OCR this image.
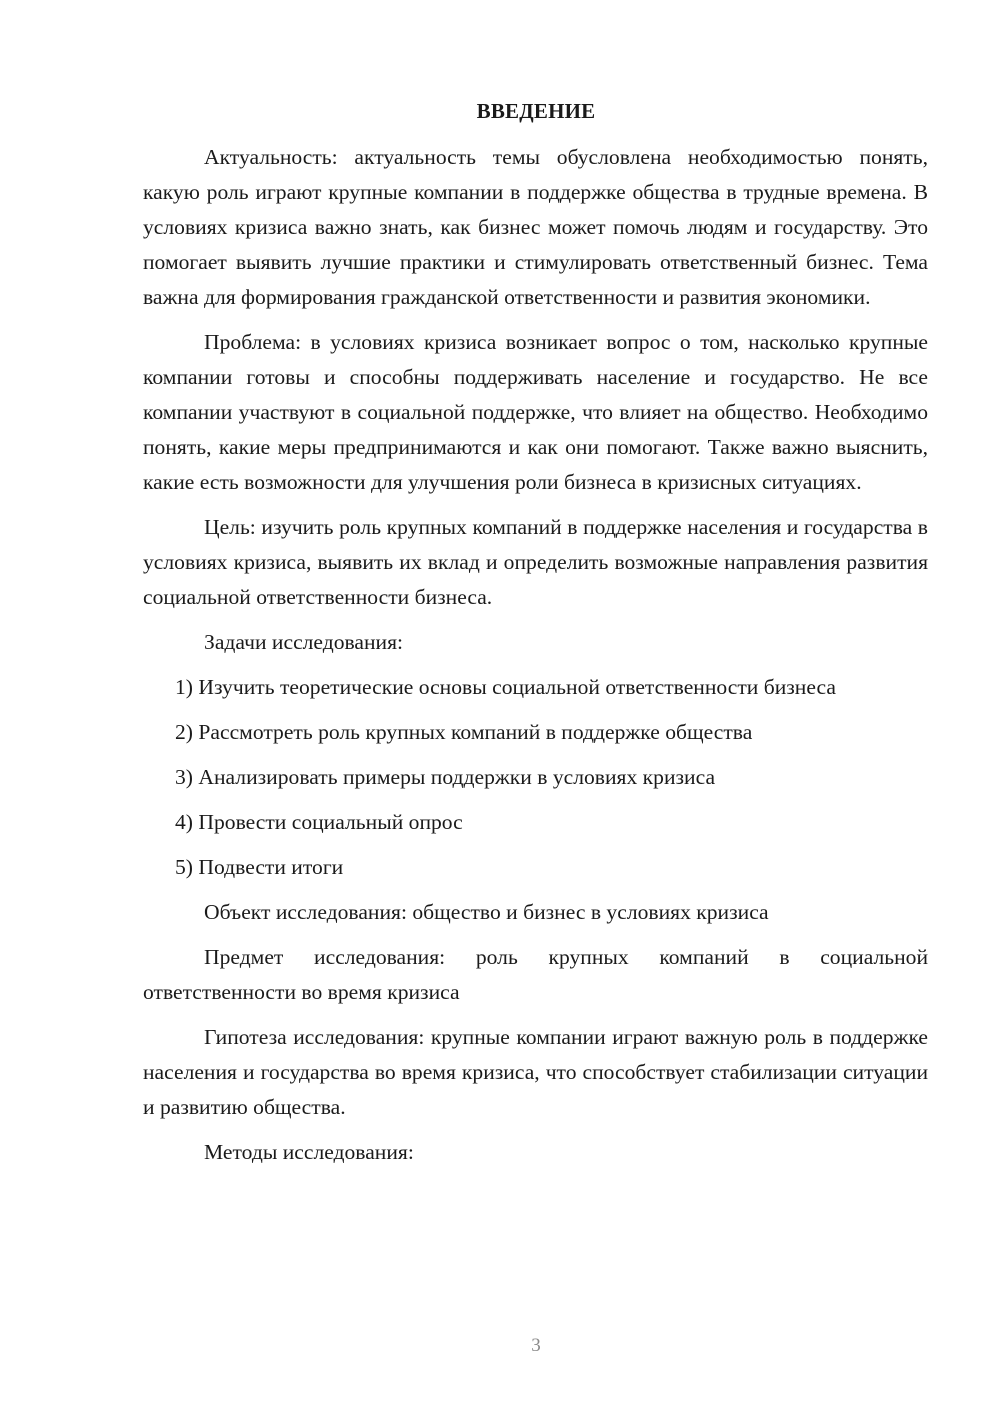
ВВЕДЕНИЕ

Актуальность: актуальность темы обусловлена необходимостью понять, какую роль играют крупные компании в поддержке общества в трудные времена. В условиях кризиса важно знать, как бизнес может помочь людям и государству. Это помогает выявить лучшие практики и стимулировать ответственный бизнес. Тема важна для формирования гражданской ответственности и развития экономики.

Проблема: в условиях кризиса возникает вопрос о том, насколько крупные компании готовы и способны поддерживать население и государство. Не все компании участвуют в социальной поддержке, что влияет на общество. Необходимо понять, какие меры предпринимаются и как они помогают. Также важно выяснить, какие есть возможности для улучшения роли бизнеса в кризисных ситуациях.

Цель: изучить роль крупных компаний в поддержке населения и государства в условиях кризиса, выявить их вклад и определить возможные направления развития социальной ответственности бизнеса.

Задачи исследования:

1) Изучить теоретические основы социальной ответственности бизнеса

2) Рассмотреть роль крупных компаний в поддержке общества

3) Анализировать примеры поддержки в условиях кризиса

4) Провести социальный опрос

5) Подвести итоги

Объект исследования: общество и бизнес в условиях кризиса

Предмет исследования: роль крупных компаний в социальной ответственности во время кризиса

Гипотеза исследования: крупные компании играют важную роль в поддержке населения и государства во время кризиса, что способствует стабилизации ситуации и развитию общества.

Методы исследования:

3
